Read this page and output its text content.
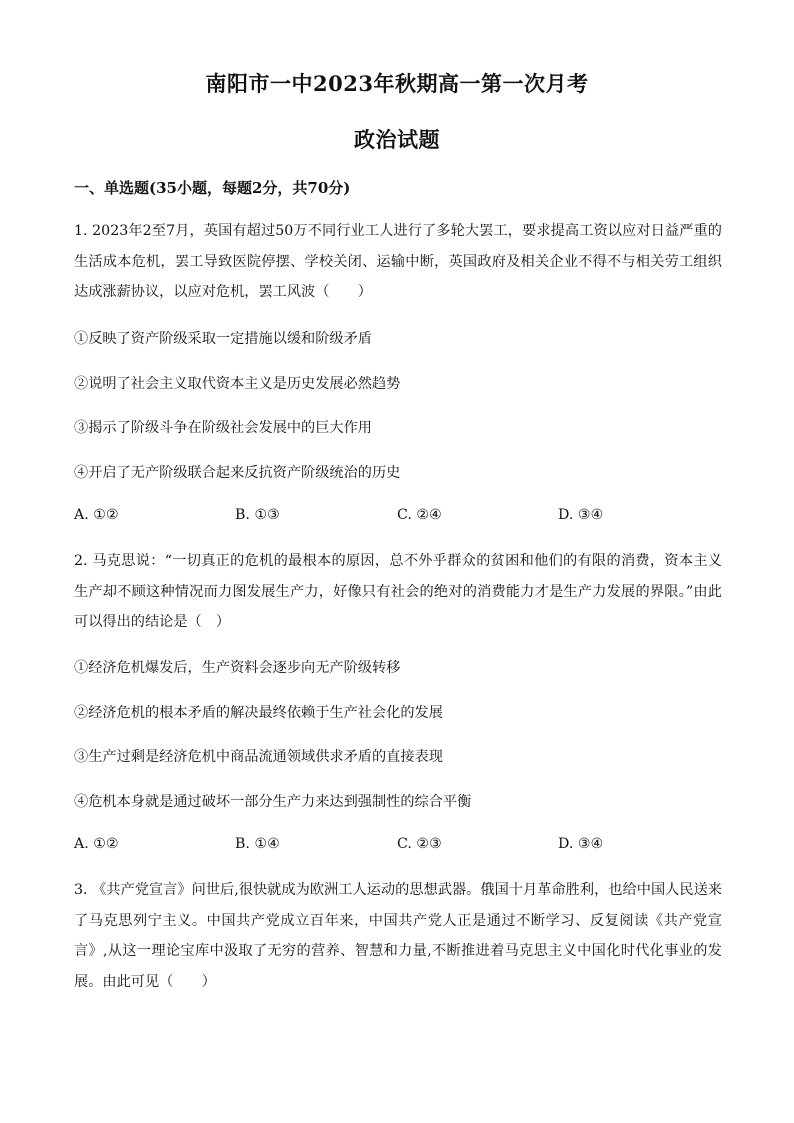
南阳市一中2023年秋期高一第一次月考
政治试题
一、单选题(35小题，每题2分，共70分)
1. 2023年2至7月，英国有超过50万不同行业工人进行了多轮大罢工，要求提高工资以应对日益严重的生活成本危机，罢工导致医院停摆、学校关闭、运输中断，英国政府及相关企业不得不与相关劳工组织达成涨薪协议，以应对危机，罢工风波（　　）
①反映了资产阶级采取一定措施以缓和阶级矛盾
②说明了社会主义取代资本主义是历史发展必然趋势
③揭示了阶级斗争在阶级社会发展中的巨大作用
④开启了无产阶级联合起来反抗资产阶级统治的历史
A. ①②	B. ①③	C. ②④	D. ③④
2. 马克思说：“一切真正的危机的最根本的原因，总不外乎群众的贫困和他们的有限的消费，资本主义生产却不顾这种情况而力图发展生产力，好像只有社会的绝对的消费能力才是生产力发展的界限。”由此可以得出的结论是（　）
①经济危机爆发后，生产资料会逐步向无产阶级转移
②经济危机的根本矛盾的解决最终依赖于生产社会化的发展
③生产过剩是经济危机中商品流通领域供求矛盾的直接表现
④危机本身就是通过破坏一部分生产力来达到强制性的综合平衡
A. ①②	B. ①④	C. ②③	D. ③④
3. 《共产党宣言》问世后,很快就成为欧洲工人运动的思想武器。俄国十月革命胜利，也给中国人民送来了马克思列宁主义。中国共产党成立百年来，中国共产党人正是通过不断学习、反复阅读《共产党宣言》,从这一理论宝库中汲取了无穷的营养、智慧和力量,不断推进着马克思主义中国化时代化事业的发展。由此可见（　　）
